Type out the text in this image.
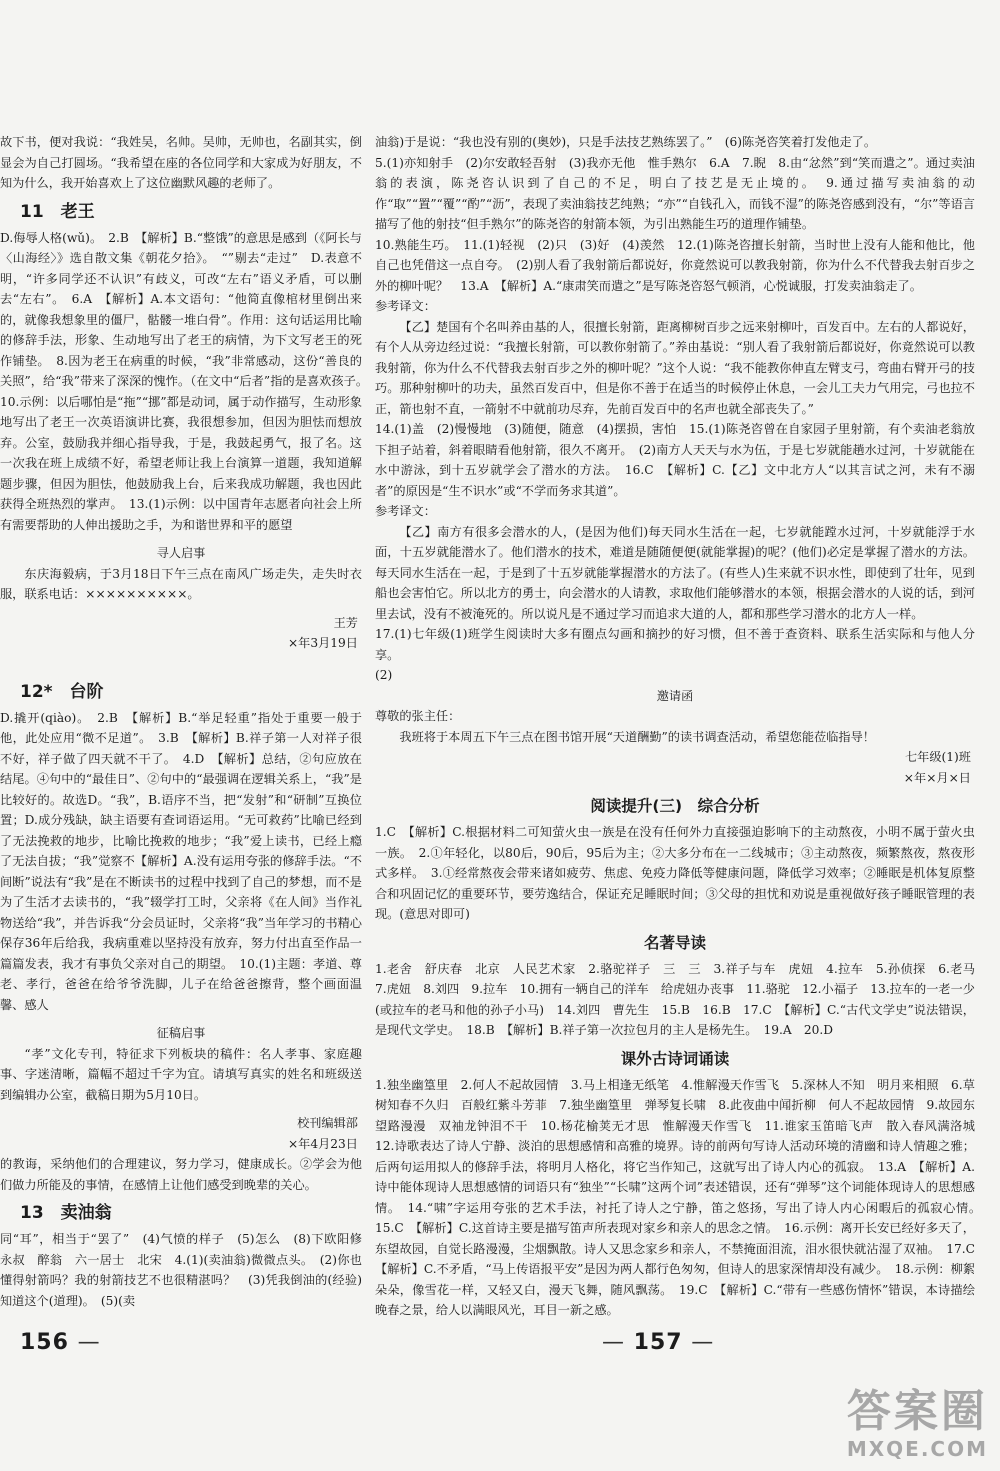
故下书，便对我说：“我姓吴，名帅。吴帅，无帅也，名副其实，倒显会为自己打圆场。“我希望在座的各位同学和大家成为好朋友，不知为什么，我开始喜欢上了这位幽默风趣的老师了。

11　老王

D.侮辱人格(wǔ)。　2.B　【解析】B.“整饿”的意思是感到（《阿长与〈山海经〉》选自散文集《朝花夕拾》。　“”剔去“走过”　D.表意不明，“许多同学还不认识”有歧义，可改“左右”语义矛盾，可以删去“左右”。　6.A　【解析】A.本文语句：“他简直像棺材里倒出来的，就像我想象里的僵尸，骷髅一堆白骨”。作用：这句话运用比喻的修辞手法，形象、生动地写出了老王的病情，为下文写老王的死作铺垫。　8.因为老王在病重的时候，“我”非常感动，这份“善良的关照”，给“我”带来了深深的愧怍。（在文中“后者”指的是喜欢孩子。　10.示例：以后哪怕是“拖”“挪”都是动词，属于动作描写，生动形象地写出了老王一次英语演讲比赛，我很想参加，但因为胆怯而想放弃。公室，鼓励我并细心指导我，于是，我鼓起勇气，报了名。这一次我在班上成绩不好，希望老师让我上台演算一道题，我知道解题步骤，但因为胆怯，他鼓励我上台，后来我成功解题，我也因此获得全班热烈的掌声。　13.(1)示例：以中国青年志愿者向社会上所有需要帮助的人伸出援助之手，为和谐世界和平的愿望

寻人启事

东庆海毅病，于3月18日下午三点在南风广场走失，走失时衣服，联系电话：××××××××××。

王芳

×年3月19日

12*　台阶

D.撬开(qiào)。　2.B　【解析】B.“举足轻重”指处于重要一般于他，此处应用“微不足道”。　3.B　【解析】B.祥子第一人对祥子很不好，祥子做了四天就不干了。　4.D　【解析】总结，②句应放在结尾。④句中的“最佳日”、②句中的“最强调在逻辑关系上，“我”是比较好的。故选D。“我”，B.语序不当，把“发射”和“研制”互换位置；D.成分残缺，缺主语要有查词语运用。“无可救药”比喻已经到了无法挽救的地步，比喻比挽救的地步；“我”爱上读书，已经上瘾了无法自拔；“我”觉察不【解析】A.没有运用夸张的修辞手法。“不间断”说法有“我”是在不断读书的过程中找到了自己的梦想，而不是为了生活才去读书的，“我”辍学打工时，父亲将《在人间》当作礼物送给“我”，并告诉我“分会员证时，父亲将“我”当年学习的书精心保存36年后给我，我病重难以坚持没有放弃，努力付出直至作品一篇篇发表，我才有事负父亲对自己的期望。　10.(1)主题：孝道、尊老、孝行，爸爸在给爷爷洗脚，儿子在给爸爸擦背，整个画面温馨、感人

征稿启事

“孝”文化专刊，特征求下列板块的稿件：名人孝事、家庭趣事、字迷清晰，篇幅不超过千字为宜。请填写真实的姓名和班级送到编辑办公室，截稿日期为5月10日。

校刊编辑部

×年4月23日

的教诲，采纳他们的合理建议，努力学习，健康成长。②学会为他们做力所能及的事情，在感情上让他们感受到晚辈的关心。

13　卖油翁

同“耳”，相当于“罢了”　(4)气愤的样子　(5)怎么　(8)下欧阳修　永叔　醉翁　六一居士　北宋　4.(1)(卖油翁)微微点头。　(2)你也懂得射箭吗？我的射箭技艺不也很精湛吗？　(3)凭我倒油的(经验)知道这个(道理)。　(5)(卖

油翁)于是说：“我也没有别的(奥妙)，只是手法技艺熟练罢了。”　(6)陈尧咨笑着打发他走了。

5.(1)亦知射手　(2)尔安敢轻吾射　(3)我亦无他　惟手熟尔　6.A　7.睨　8.由“忿然”到“笑而遣之”。通过卖油翁的表演，陈尧咨认识到了自己的不足，明白了技艺是无止境的。　9.通过描写卖油翁的动作“取”“置”“覆”“酌”“沥”，表现了卖油翁技艺纯熟；“亦”“自钱孔入，而钱不湿”的陈尧咨感到没有，“尔”等语言描写了他的射技“但手熟尔”的陈尧咨的射箭本领，为引出熟能生巧的道理作铺垫。

10.熟能生巧。　11.(1)轻视　(2)只　(3)好　(4)羡然　12.(1)陈尧咨擅长射箭，当时世上没有人能和他比，他自己也凭借这一点自夸。　(2)别人看了我射箭后都说好，你竟然说可以教我射箭，你为什么不代替我去射百步之外的柳叶呢？　13.A　【解析】A.“康肃笑而遣之”是写陈尧咨怒气顿消，心悦诚服，打发卖油翁走了。

参考译文：

【乙】楚国有个名叫养由基的人，很擅长射箭，距离柳树百步之远来射柳叶，百发百中。左右的人都说好，有个人从旁边经过说：“我擅长射箭，可以教你射箭了。”养由基说：“别人看了我射箭后都说好，你竟然说可以教我射箭，你为什么不代替我去射百步之外的柳叶呢？”这个人说：“我不能教你伸直左臂支弓，弯曲右臂开弓的技巧。那种射柳叶的功夫，虽然百发百中，但是你不善于在适当的时候停止休息，一会儿工夫力气用完，弓也拉不正，箭也射不直，一箭射不中就前功尽弃，先前百发百中的名声也就全部丧失了。”

14.(1)盖　(2)慢慢地　(3)随便，随意　(4)摆损，害怕　15.(1)陈尧咨曾在自家园子里射箭，有个卖油老翁放下担子站着，斜着眼睛看他射箭，很久不离开。　(2)南方人天天与水为伍，于是七岁就能趟水过河，十岁就能在水中游泳，到十五岁就学会了潜水的方法。　16.C　【解析】C.【乙】文中北方人“以其言试之河，未有不溺者”的原因是“生不识水”或“不学而务求其道”。

参考译文：

【乙】南方有很多会潜水的人，(是因为他们)每天同水生活在一起，七岁就能蹚水过河，十岁就能浮于水面，十五岁就能潜水了。他们潜水的技术，难道是随随便便(就能掌握)的呢？(他们)必定是掌握了潜水的方法。每天同水生活在一起，于是到了十五岁就能掌握潜水的方法了。(有些人)生来就不识水性，即使到了壮年，见到船也会害怕它。所以北方的勇士，向会潜水的人请教，求取他们能够潜水的本领，根据会潜水的人说的话，到河里去试，没有不被淹死的。所以说凡是不通过学习而追求大道的人，都和那些学习潜水的北方人一样。

17.(1)七年级(1)班学生阅读时大多有圈点勾画和摘抄的好习惯，但不善于查资料、联系生活实际和与他人分享。

(2)

邀请函

尊敬的张主任：

我班将于本周五下午三点在图书馆开展“天道酬勤”的读书调查活动，希望您能莅临指导！

七年级(1)班

×年×月×日

阅读提升(三)　综合分析

1.C　【解析】C.根据材料二可知萤火虫一族是在没有任何外力直接强迫影响下的主动熬夜，小明不属于萤火虫一族。　2.①年轻化，以80后，90后，95后为主；②大多分布在一二线城市；③主动熬夜，频繁熬夜，熬夜形式多样。　3.①经常熬夜会带来诸如疲劳、焦虑、免疫力降低等健康问题，降低学习效率；②睡眠是机体复原整合和巩固记忆的重要环节，要劳逸结合，保证充足睡眠时间；③父母的担忧和劝说是重视做好孩子睡眠管理的表现。(意思对即可)

名著导读

1.老舍　舒庆春　北京　人民艺术家　2.骆驼祥子　三　三　3.祥子与车　虎妞　4.拉车　5.孙侦探　6.老马　7.虎妞　8.刘四　9.拉车　10.拥有一辆自己的洋车　给虎妞办丧事　11.骆驼　12.小福子　13.拉车的一老一少(或拉车的老马和他的孙子小马)　14.刘四　曹先生　15.B　16.B　17.C　【解析】C.“古代文学史”说法错误，是现代文学史。　18.B　【解析】B.祥子第一次拉包月的主人是杨先生。　19.A　20.D

课外古诗词诵读

1.独坐幽篁里　2.何人不起故园情　3.马上相逢无纸笔　4.惟解漫天作雪飞　5.深林人不知　明月来相照　6.草树知春不久归　百般红紫斗芳菲　7.独坐幽篁里　弹琴复长啸　8.此夜曲中闻折柳　何人不起故园情　9.故园东望路漫漫　双袖龙钟泪不干　10.杨花榆荚无才思　惟解漫天作雪飞　11.谁家玉笛暗飞声　散入春风满洛城　12.诗歌表达了诗人宁静、淡泊的思想感情和高雅的境界。诗的前两句写诗人活动环境的清幽和诗人情趣之雅；后两句运用拟人的修辞手法，将明月人格化，将它当作知己，这就写出了诗人内心的孤寂。　13.A　【解析】A.诗中能体现诗人思想感情的词语只有“独坐”“长啸”这两个词”表述错误，还有“弹琴”这个词能体现诗人的思想感情。　14.“啸”字运用夸张的艺术手法，衬托了诗人之宁静，笛之悠扬，写出了诗人内心闲暇后的孤寂心情。　15.C　【解析】C.这首诗主要是描写笛声所表现对家乡和亲人的思念之情。　16.示例：离开长安已经好多天了，东望故园，自觉长路漫漫，尘烟飘散。诗人又思念家乡和亲人，不禁掩面泪流，泪水很快就沾湿了双袖。　17.C　【解析】C.不矛盾，“马上传语报平安”是因为两人都行色匆匆，但诗人的思家深情却没有减少。　18.示例：柳絮朵朵，像雪花一样，又轻又白，漫天飞舞，随风飘荡。　19.C　【解析】C.“带有一些感伤情怀”错误，本诗描绘晚春之景，给人以满眼风光，耳目一新之感。

156 —	— 157 —
答案圈
MXQE.COM
